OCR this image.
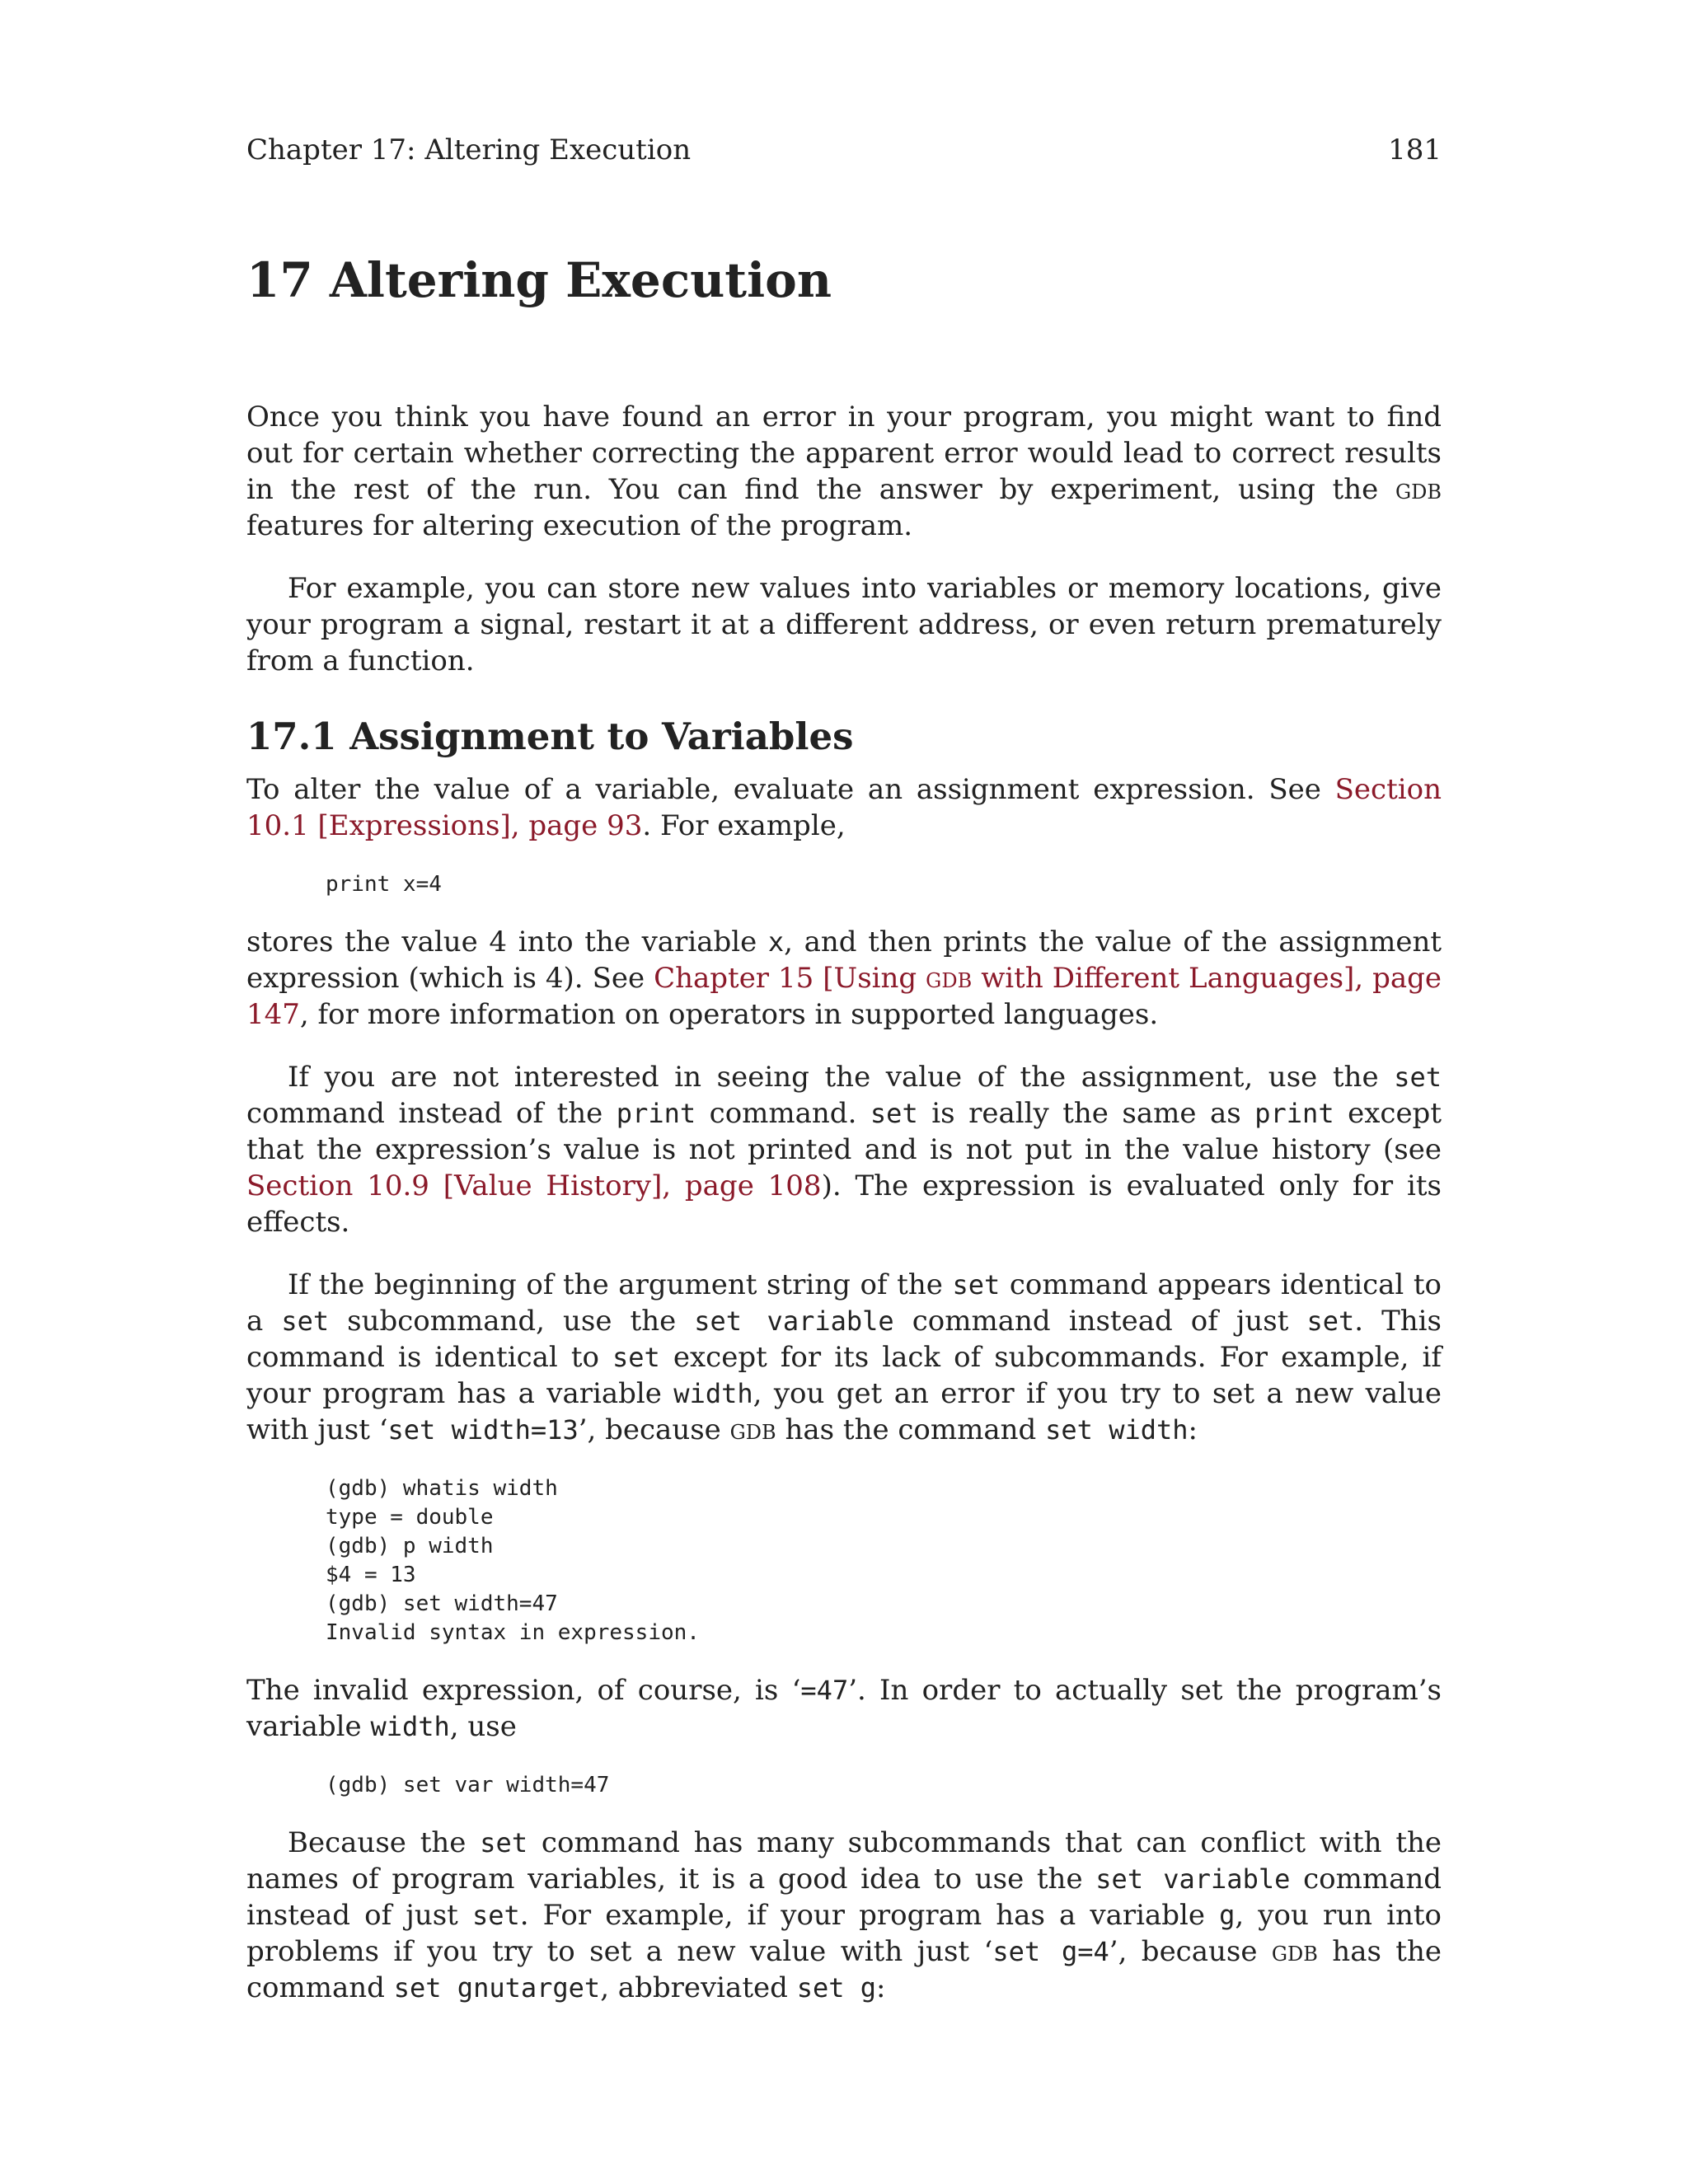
Chapter 17: Altering Execution	181
17 Altering Execution

Once you think you have found an error in your program, you might want to find out for certain whether correcting the apparent error would lead to correct results in the rest of the run. You can find the answer by experiment, using the gdb features for altering execution of the program.

For example, you can store new values into variables or memory locations, give your program a signal, restart it at a different address, or even return prematurely from a function.

17.1 Assignment to Variables

To alter the value of a variable, evaluate an assignment expression. See Section 10.1 [Expressions], page 93. For example,

print x=4

stores the value 4 into the variable x, and then prints the value of the assignment expression (which is 4). See Chapter 15 [Using gdb with Different Languages], page 147, for more information on operators in supported languages.

If you are not interested in seeing the value of the assignment, use the set command instead of the print command. set is really the same as print except that the expression’s value is not printed and is not put in the value history (see Section 10.9 [Value History], page 108). The expression is evaluated only for its effects.

If the beginning of the argument string of the set command appears identical to a set subcommand, use the set variable command instead of just set. This command is identical to set except for its lack of subcommands. For example, if your program has a variable width, you get an error if you try to set a new value with just ‘set width=13’, because gdb has the command set width:

(gdb) whatis width
type = double
(gdb) p width
$4 = 13
(gdb) set width=47
Invalid syntax in expression.

The invalid expression, of course, is ‘=47’. In order to actually set the program’s variable width, use

(gdb) set var width=47

Because the set command has many subcommands that can conflict with the names of program variables, it is a good idea to use the set variable command instead of just set. For example, if your program has a variable g, you run into problems if you try to set a new value with just ‘set g=4’, because gdb has the command set gnutarget, abbreviated set g:
